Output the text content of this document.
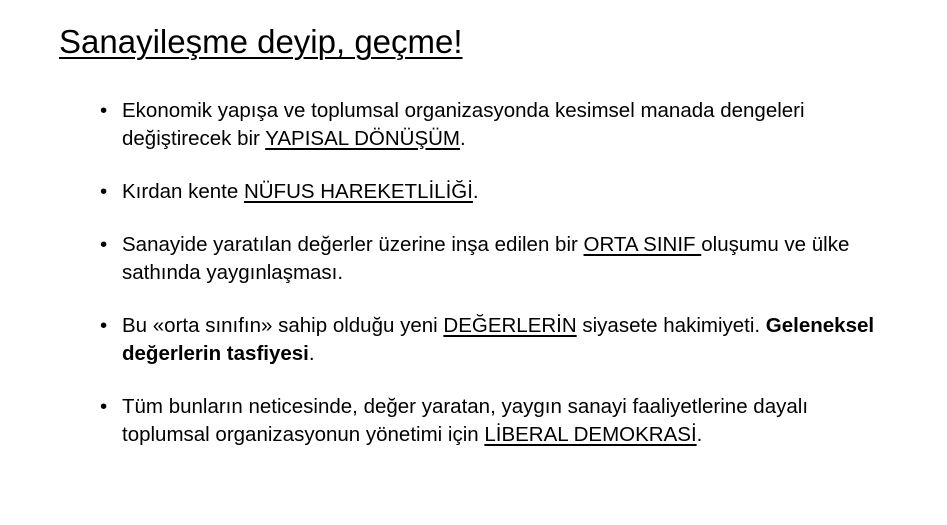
Sanayileşme deyip, geçme!
• Ekonomik yapışa ve toplumsal organizasyonda kesimsel manada dengeleri değiştirecek bir YAPISAL DÖNÜŞÜM.
• Kırdan kente NÜFUS HAREKETLİLİĞİ.
• Sanayide yaratılan değerler üzerine inşa edilen bir ORTA SINIF oluşumu ve ülke sathında yaygınlaşması.
• Bu «orta sınıfın» sahip olduğu yeni DEĞERLERİN siyasete hakimiyeti. Geleneksel değerlerin tasfiyesi.
• Tüm bunların neticesinde, değer yaratan, yaygın sanayi faaliyetlerine dayalı toplumsal organizasyonun yönetimi için LİBERAL DEMOKRASİ.
